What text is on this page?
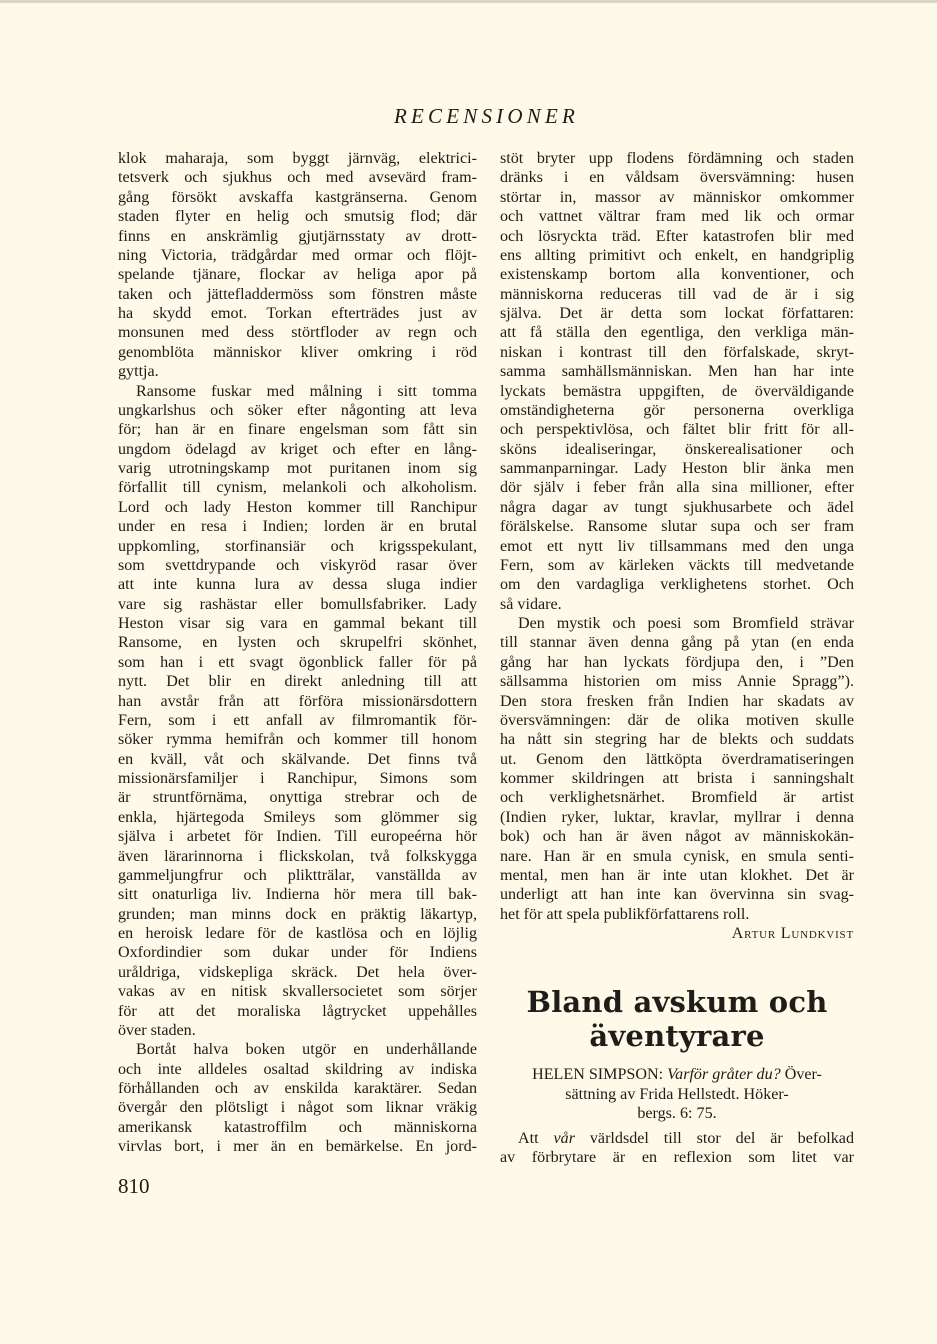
RECENSIONER
klok maharaja, som byggt järnväg, elektrici-
tetsverk och sjukhus och med avsevärd fram-
gång försökt avskaffa kastgränserna. Genom
staden flyter en helig och smutsig flod; där
finns en anskrämlig gjutjärnsstaty av drott-
ning Victoria, trädgårdar med ormar och flöjt-
spelande tjänare, flockar av heliga apor på
taken och jättefladdermöss som fönstren måste
ha skydd emot. Torkan efterträdes just av
monsunen med dess störtfloder av regn och
genomblöta människor kliver omkring i röd
gyttja.
Ransome fuskar med målning i sitt tomma
ungkarlshus och söker efter någonting att leva
för; han är en finare engelsman som fått sin
ungdom ödelagd av kriget och efter en lång-
varig utrotningskamp mot puritanen inom sig
förfallit till cynism, melankoli och alkoholism.
Lord och lady Heston kommer till Ranchipur
under en resa i Indien; lorden är en brutal
uppkomling, storfinansiär och krigsspekulant,
som svettdrypande och viskyröd rasar över
att inte kunna lura av dessa sluga indier
vare sig rashästar eller bomullsfabriker. Lady
Heston visar sig vara en gammal bekant till
Ransome, en lysten och skrupelfri skönhet,
som han i ett svagt ögonblick faller för på
nytt. Det blir en direkt anledning till att
han avstår från att förföra missionärsdottern
Fern, som i ett anfall av filmromantik för-
söker rymma hemifrån och kommer till honom
en kväll, våt och skälvande. Det finns två
missionärsfamiljer i Ranchipur, Simons som
är struntförnäma, onyttiga strebrar och de
enkla, hjärtegoda Smileys som glömmer sig
själva i arbetet för Indien. Till europeérna hör
även lärarinnorna i flickskolan, två folkskygga
gammeljungfrur och pliktträlar, vanställda av
sitt onaturliga liv. Indierna hör mera till bak-
grunden; man minns dock en präktig läkartyp,
en heroisk ledare för de kastlösa och en löjlig
Oxfordindier som dukar under för Indiens
uråldriga, vidskepliga skräck. Det hela över-
vakas av en nitisk skvallersocietet som sörjer
för att det moraliska lågtrycket uppehålles
över staden.
Bortåt halva boken utgör en underhållande
och inte alldeles osaltad skildring av indiska
förhållanden och av enskilda karaktärer. Sedan
övergår den plötsligt i något som liknar vräkig
amerikansk katastroffilm och människorna
virvlas bort, i mer än en bemärkelse. En jord-
stöt bryter upp flodens fördämning och staden
dränks i en våldsam översvämning: husen
störtar in, massor av människor omkommer
och vattnet vältrar fram med lik och ormar
och lösryckta träd. Efter katastrofen blir med
ens allting primitivt och enkelt, en handgriplig
existenskamp bortom alla konventioner, och
människorna reduceras till vad de är i sig
själva. Det är detta som lockat författaren:
att få ställa den egentliga, den verkliga män-
niskan i kontrast till den förfalskade, skryt-
samma samhällsmänniskan. Men han har inte
lyckats bemästra uppgiften, de överväldigande
omständigheterna gör personerna overkliga
och perspektivlösa, och fältet blir fritt för all-
sköns idealiseringar, önskerealisationer och
sammanparningar. Lady Heston blir änka men
dör själv i feber från alla sina millioner, efter
några dagar av tungt sjukhusarbete och ädel
förälskelse. Ransome slutar supa och ser fram
emot ett nytt liv tillsammans med den unga
Fern, som av kärleken väckts till medvetande
om den vardagliga verklighetens storhet. Och
så vidare.
Den mystik och poesi som Bromfield strävar
till stannar även denna gång på ytan (en enda
gång har han lyckats fördjupa den, i ”Den
sällsamma historien om miss Annie Spragg”).
Den stora fresken från Indien har skadats av
översvämningen: där de olika motiven skulle
ha nått sin stegring har de blekts och suddats
ut. Genom den lättköpta överdramatiseringen
kommer skildringen att brista i sanningshalt
och verklighetsnärhet. Bromfield är artist
(Indien ryker, luktar, kravlar, myllrar i denna
bok) och han är även något av människokän-
nare. Han är en smula cynisk, en smula senti-
mental, men han är inte utan klokhet. Det är
underligt att han inte kan övervinna sin svag-
het för att spela publikförfattarens roll.
Artur Lundkvist
Bland avskum och
äventyrare
HELEN SIMPSON: Varför gråter du? Över-
sättning av Frida Hellstedt. Höker-
bergs. 6: 75.
Att vår världsdel till stor del är befolkad
av förbrytare är en reflexion som litet var
810
